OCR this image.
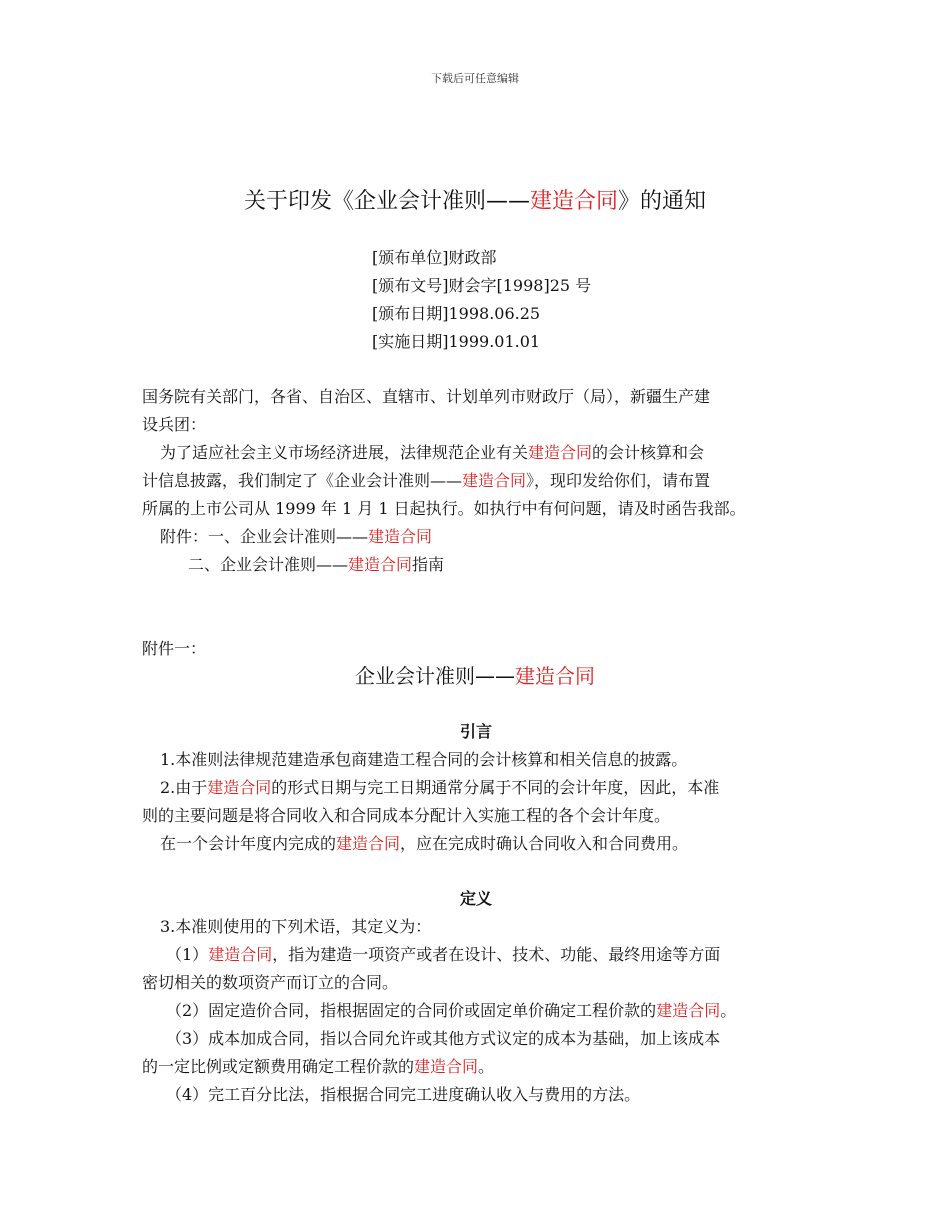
下载后可任意编辑
关于印发《企业会计准则——建造合同》的通知

[颁布单位]财政部

[颁布文号]财会字[1998]25 号

[颁布日期]1998.06.25

[实施日期]1999.01.01

国务院有关部门，各省、自治区、直辖市、计划单列市财政厅（局），新疆生产建

设兵团：

为了适应社会主义市场经济进展，法律规范企业有关建造合同的会计核算和会

计信息披露，我们制定了《企业会计准则——建造合同》，现印发给你们，请布置

所属的上市公司从 1999 年 1 月 1 日起执行。如执行中有何问题，请及时函告我部。

附件：一、企业会计准则——建造合同

二、企业会计准则——建造合同指南

附件一：

企业会计准则——建造合同

引言

1.本准则法律规范建造承包商建造工程合同的会计核算和相关信息的披露。

2.由于建造合同的形式日期与完工日期通常分属于不同的会计年度，因此，本准

则的主要问题是将合同收入和合同成本分配计入实施工程的各个会计年度。

在一个会计年度内完成的建造合同，应在完成时确认合同收入和合同费用。

定义

3.本准则使用的下列术语，其定义为：

（1）建造合同，指为建造一项资产或者在设计、技术、功能、最终用途等方面

密切相关的数项资产而订立的合同。

（2）固定造价合同，指根据固定的合同价或固定单价确定工程价款的建造合同。

（3）成本加成合同，指以合同允许或其他方式议定的成本为基础，加上该成本

的一定比例或定额费用确定工程价款的建造合同。

（4）完工百分比法，指根据合同完工进度确认收入与费用的方法。
